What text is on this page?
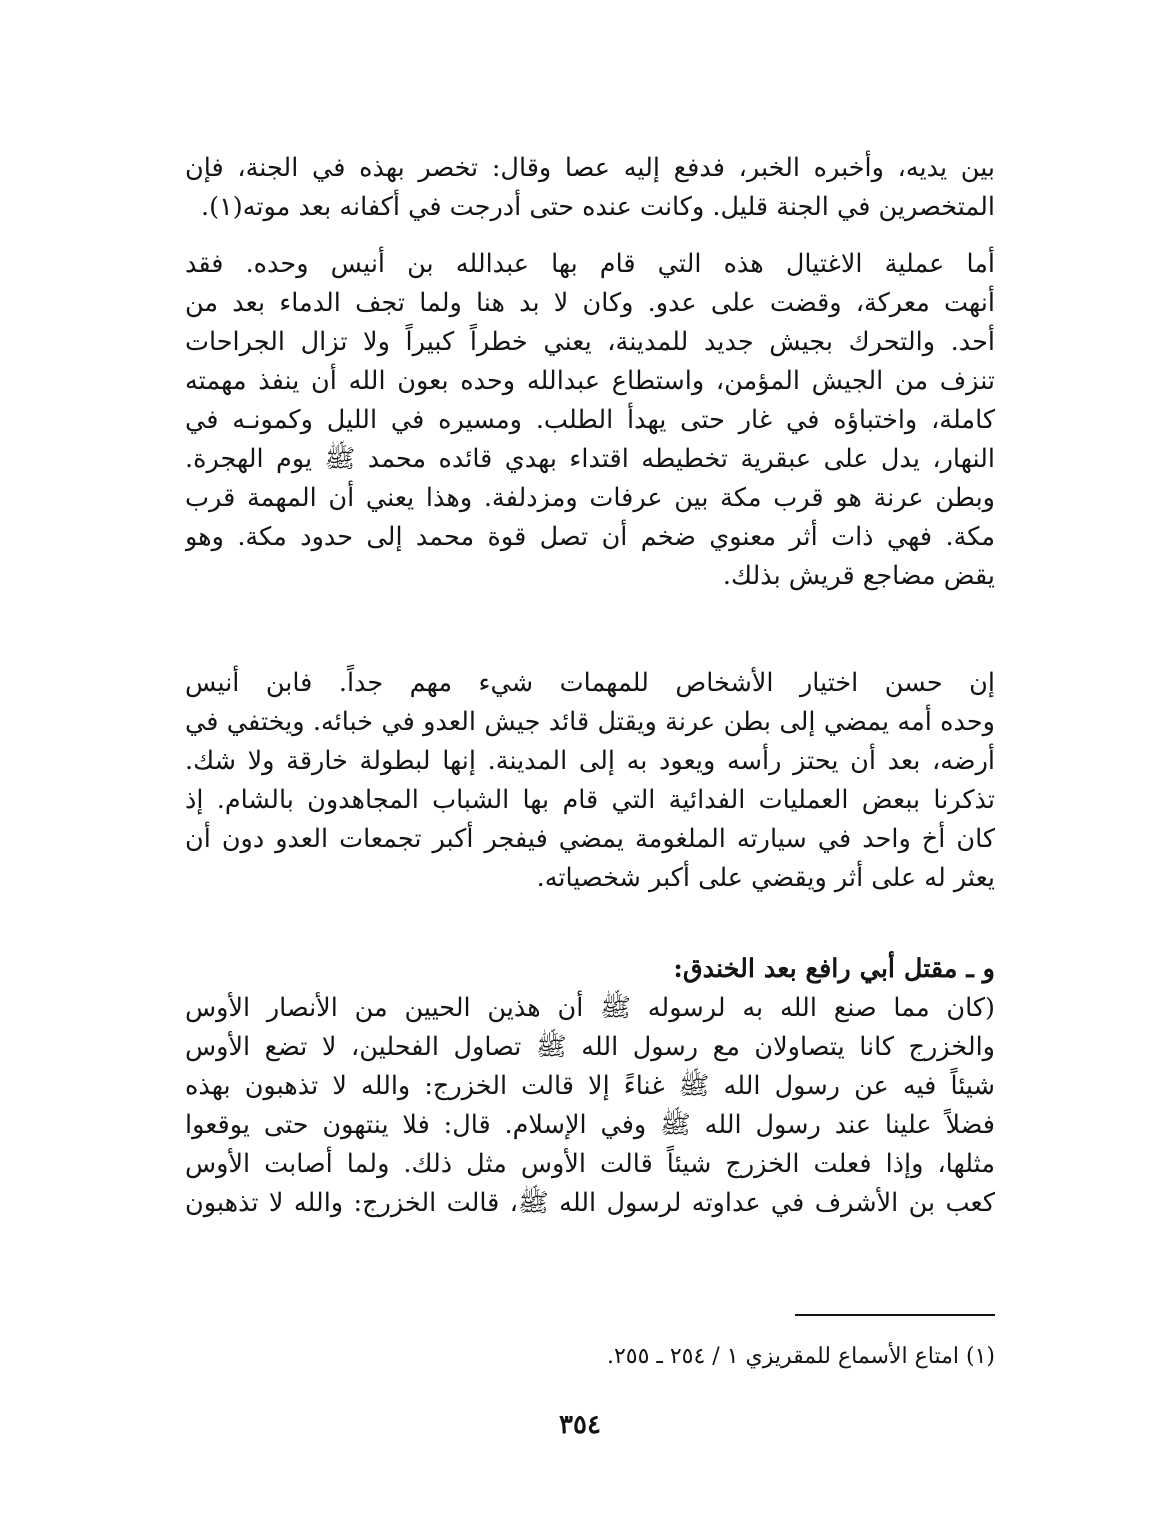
بين يديه، وأخبره الخبر، فدفع إليه عصا وقال: تخصر بهذه في الجنة، فإن
المتخصرين في الجنة قليل. وكانت عنده حتى أدرجت في أكفانه بعد موته(١).
أما عملية الاغتيال هذه التي قام بها عبدالله بن أنيس وحده. فقد
أنهت معركة، وقضت على عدو. وكان لا بد هنا ولما تجف الدماء بعد من
أحد. والتحرك بجيش جديد للمدينة، يعني خطراً كبيراً ولا تزال الجراحات
تنزف من الجيش المؤمن، واستطاع عبدالله وحده بعون الله أن ينفذ مهمته
كاملة، واختباؤه في غار حتى يهدأ الطلب. ومسيره في الليل وكمونـه في
النهار، يدل على عبقرية تخطيطه اقتداء بهدي قائده محمد ﷺ يوم الهجرة.
وبطن عرنة هو قرب مكة بين عرفات ومزدلفة. وهذا يعني أن المهمة قرب
مكة. فهي ذات أثر معنوي ضخم أن تصل قوة محمد إلى حدود مكة. وهو
يقض مضاجع قريش بذلك.
إن حسن اختيار الأشخاص للمهمات شيء مهم جداً. فابن أنيس
وحده أمه يمضي إلى بطن عرنة ويقتل قائد جيش العدو في خبائه. ويختفي في
أرضه، بعد أن يحتز رأسه ويعود به إلى المدينة. إنها لبطولة خارقة ولا شك.
تذكرنا ببعض العمليات الفدائية التي قام بها الشباب المجاهدون بالشام. إذ
كان أخ واحد في سيارته الملغومة يمضي فيفجر أكبر تجمعات العدو دون أن
يعثر له على أثر ويقضي على أكبر شخصياته.
و ـ مقتل أبي رافع بعد الخندق:
(كان مما صنع الله به لرسوله ﷺ أن هذين الحيين من الأنصار الأوس
والخزرج كانا يتصاولان مع رسول الله ﷺ تصاول الفحلين، لا تضع الأوس
شيئاً فيه عن رسول الله ﷺ غناءً إلا قالت الخزرج: والله لا تذهبون بهذه
فضلاً علينا عند رسول الله ﷺ وفي الإسلام. قال: فلا ينتهون حتى يوقعوا
مثلها، وإذا فعلت الخزرج شيئاً قالت الأوس مثل ذلك. ولما أصابت الأوس
كعب بن الأشرف في عداوته لرسول الله ﷺ، قالت الخزرج: والله لا تذهبون
(١) امتاع الأسماع للمقريزي ١ / ٢٥٤ ـ ٢٥٥.
٣٥٤
